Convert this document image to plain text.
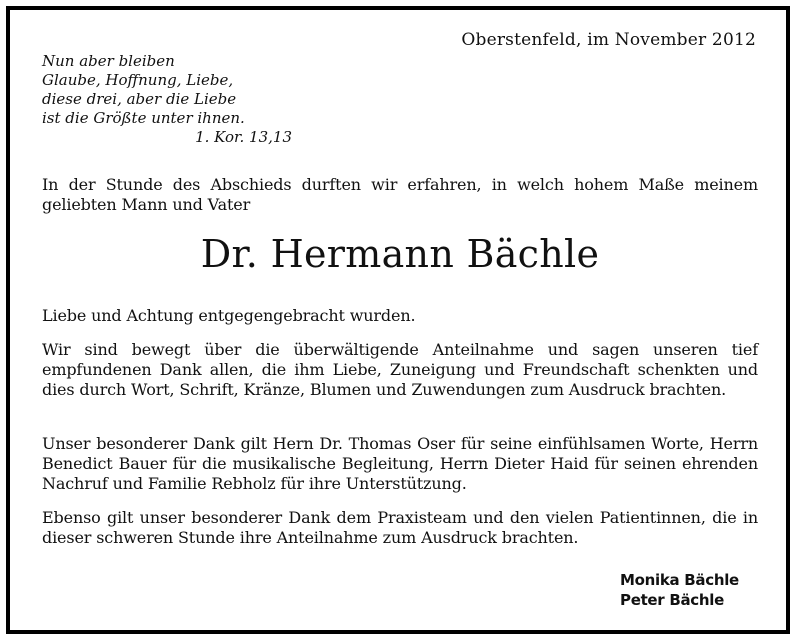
Oberstenfeld, im November 2012
Nun aber bleiben
Glaube, Hoffnung, Liebe,
diese drei, aber die Liebe
ist die Größte unter ihnen.
1. Kor. 13,13
In der Stunde des Abschieds durften wir erfahren, in welch hohem Maße meinem geliebten Mann und Vater
Dr. Hermann Bächle
Liebe und Achtung entgegengebracht wurden.
Wir sind bewegt über die überwältigende Anteilnahme und sagen unseren tief empfundenen Dank allen, die ihm Liebe, Zuneigung und Freundschaft schenkten und dies durch Wort, Schrift, Kränze, Blumen und Zuwendungen zum Ausdruck brachten.
Unser besonderer Dank gilt Hern Dr. Thomas Oser für seine einfühlsamen Worte, Herrn Benedict Bauer für die musikalische Begleitung, Herrn Dieter Haid für seinen ehrenden Nachruf und Familie Rebholz für ihre Unterstützung.
Ebenso gilt unser besonderer Dank dem Praxisteam und den vielen Patientinnen, die in dieser schweren Stunde ihre Anteilnahme zum Ausdruck brachten.
Monika Bächle
Peter Bächle
